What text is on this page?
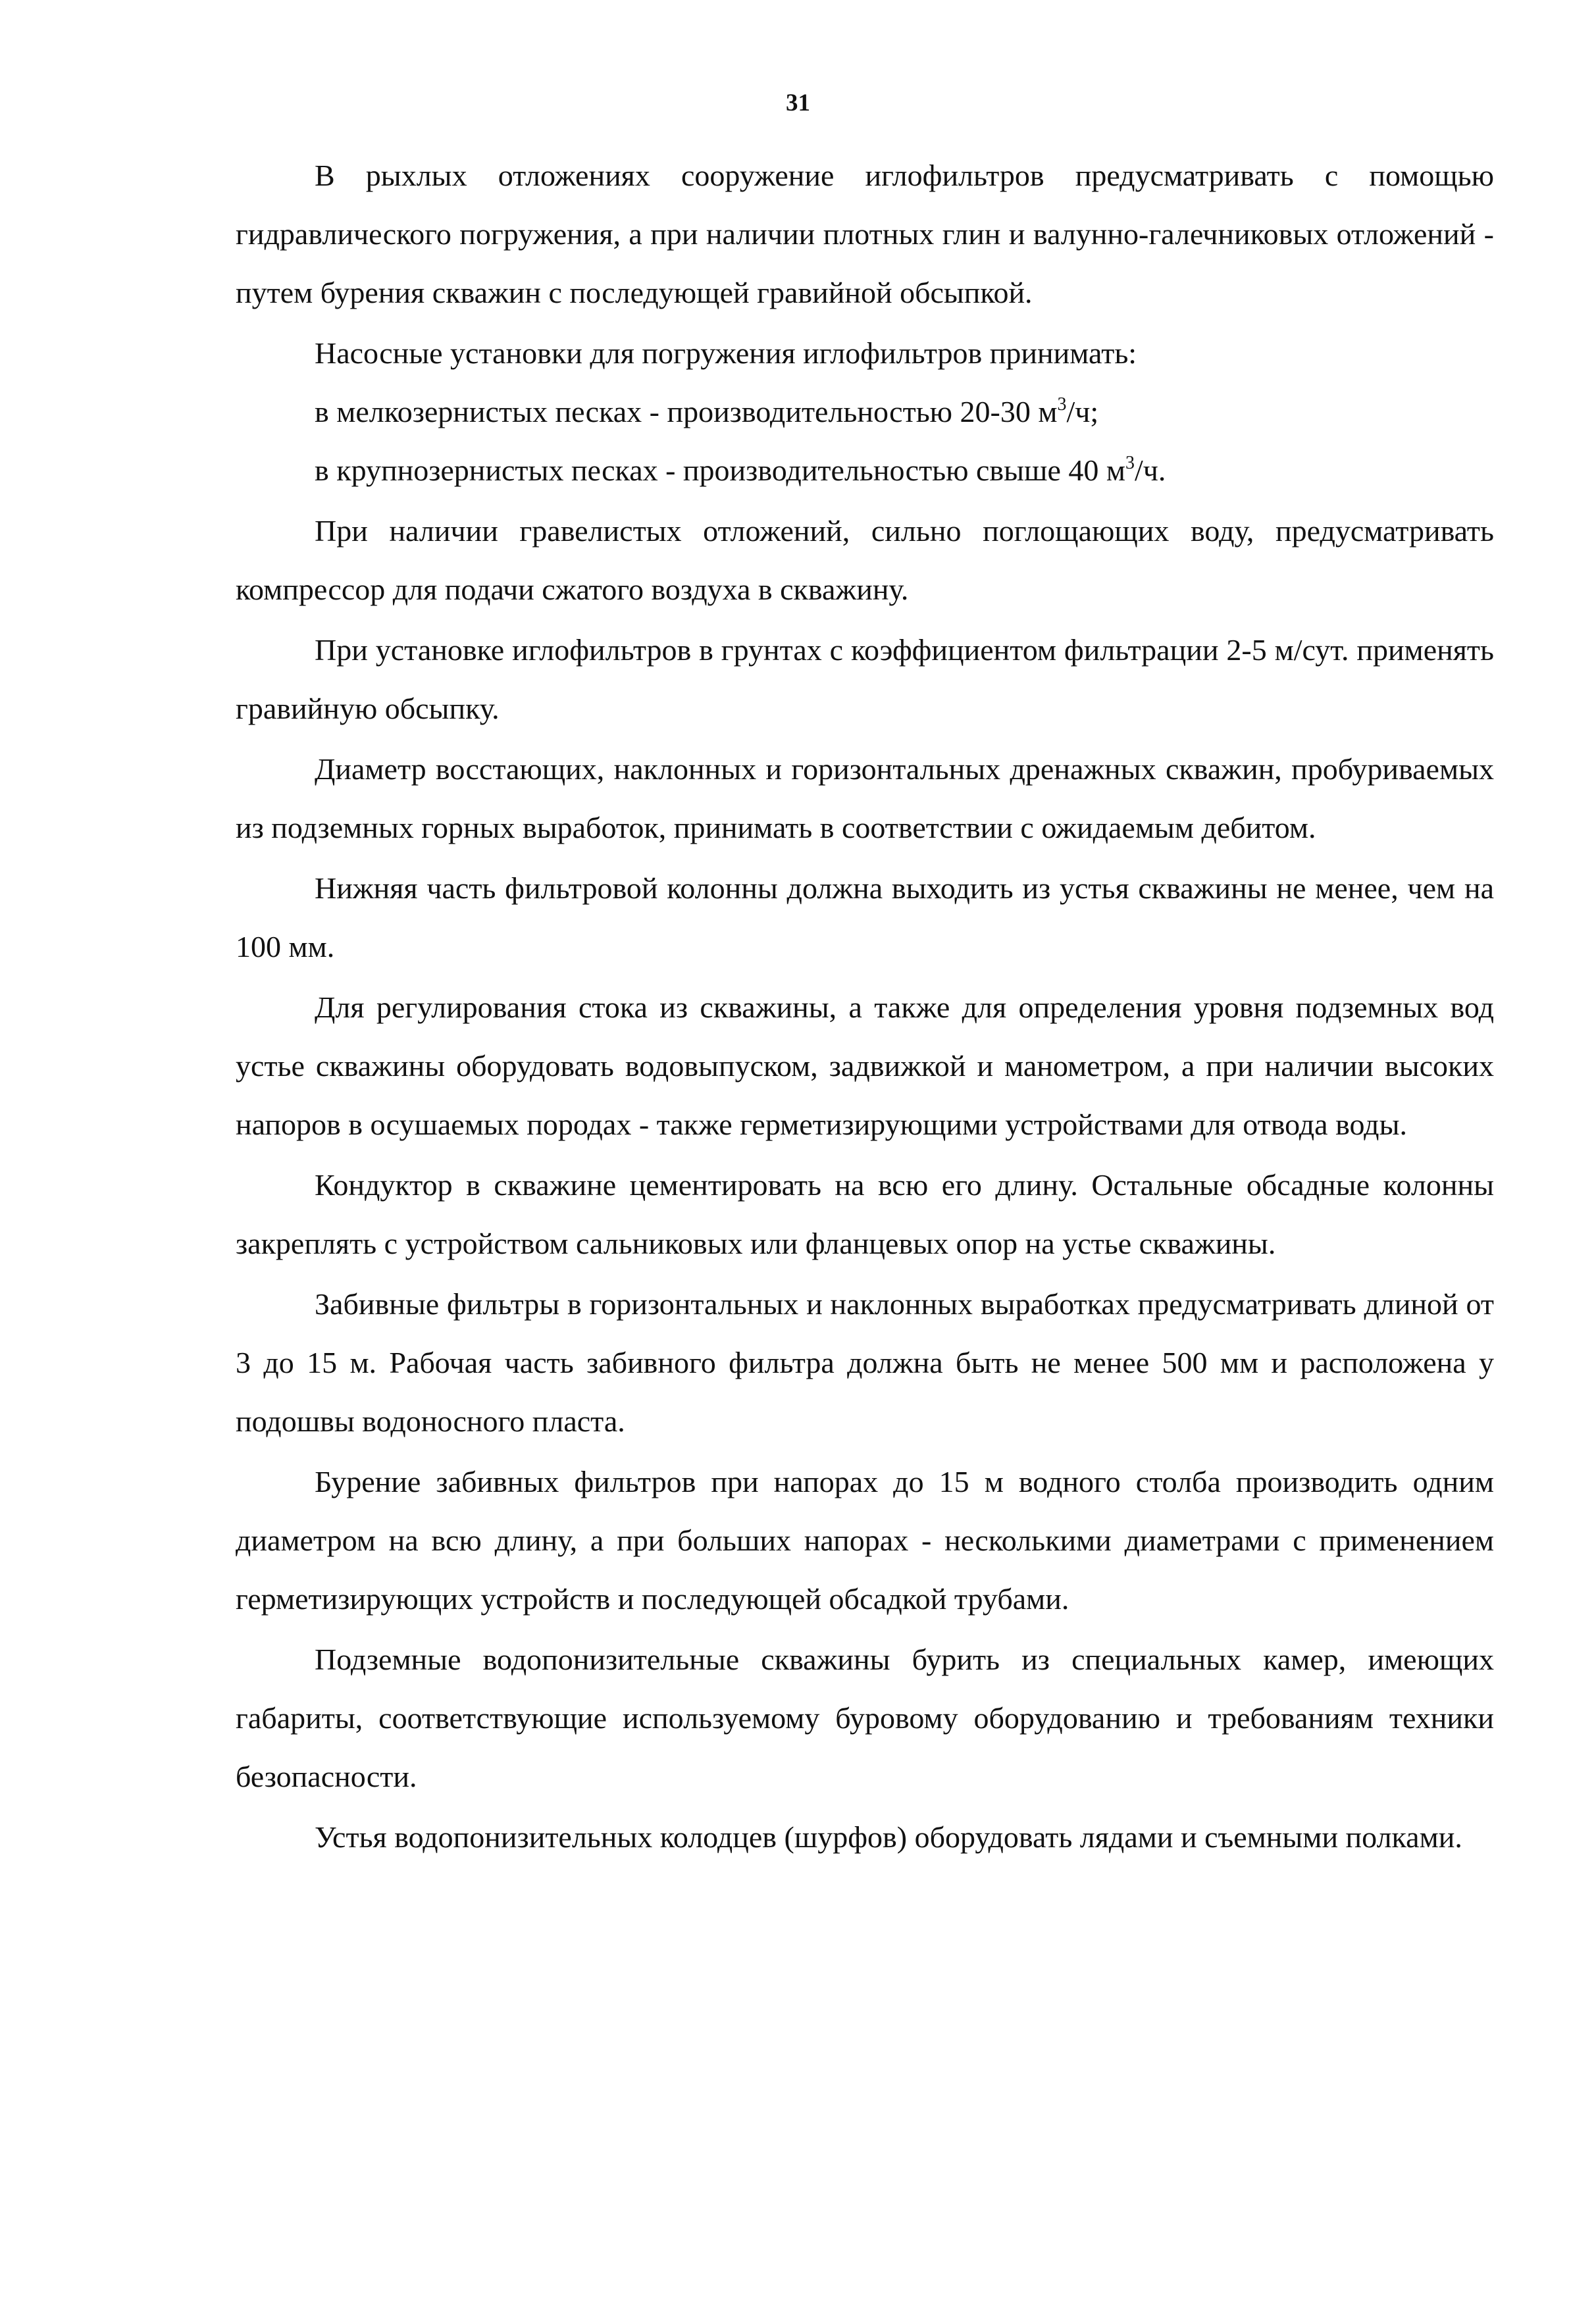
31

В рыхлых отложениях сооружение иглофильтров предусматривать с помощью гидравлического погружения, а при наличии плотных глин и валунно-галечниковых отложений - путем бурения скважин с последующей гравийной обсыпкой.

Насосные установки для погружения иглофильтров принимать:

в мелкозернистых песках - производительностью 20-30 $м^3/ч$;

в крупнозернистых песках - производительностью свыше 40 $м^3/ч$.

При наличии гравелистых отложений, сильно поглощающих воду, предусматривать компрессор для подачи сжатого воздуха в скважину.

При установке иглофильтров в грунтах с коэффициентом фильтрации 2-5 м/сут. применять гравийную обсыпку.

Диаметр восстающих, наклонных и горизонтальных дренажных скважин, пробуриваемых из подземных горных выработок, принимать в соответствии с ожидаемым дебитом.

Нижняя часть фильтровой колонны должна выходить из устья скважины не менее, чем на 100 мм.

Для регулирования стока из скважины, а также для определения уровня подземных вод устье скважины оборудовать водовыпуском, задвижкой и манометром, а при наличии высоких напоров в осушаемых породах - также герметизирующими устройствами для отвода воды.

Кондуктор в скважине цементировать на всю его длину. Остальные обсадные колонны закреплять с устройством сальниковых или фланцевых опор на устье скважины.

Забивные фильтры в горизонтальных и наклонных выработках предусматривать длиной от 3 до 15 м. Рабочая часть забивного фильтра должна быть не менее 500 мм и расположена у подошвы водоносного пласта.

Бурение забивных фильтров при напорах до 15 м водного столба производить одним диаметром на всю длину, а при больших напорах - несколькими диаметрами с применением герметизирующих устройств и последующей обсадкой трубами.

Подземные водопонизительные скважины бурить из специальных камер, имеющих габариты, соответствующие используемому буровому оборудованию и требованиям техники безопасности.

Устья водопонизительных колодцев (шурфов) оборудовать лядами и съемными полками.
